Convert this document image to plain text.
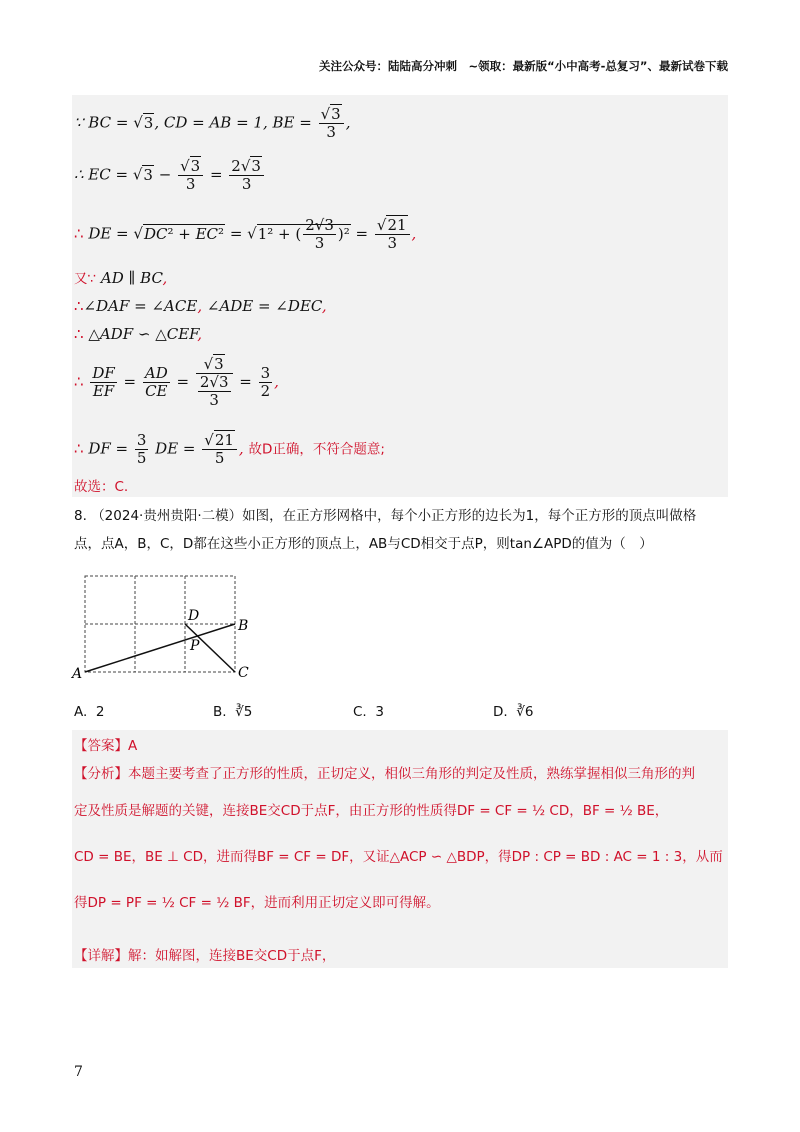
关注公众号：陆陆高分冲刺　~领取：最新版“小中高考-总复习”、最新试卷下载
∵ BC = √3, CD = AB = 1, BE = $\frac{√3}{3}$ ,
∴ EC = $√3 - \frac{√3}{3} = \frac{2√3}{3}$
∴ DE = √DC² + EC² = √1² + ( $\frac{2√3}{3} )^2 = \frac{√21}{3}$ ,
又∵ AD ∥ BC,
∴∠DAF = ∠ACE, ∠ADE = ∠DEC,
∴ △ADF ∽ △CEF,
∴ $\frac{DF}{EF} = \frac{AD}{CE} = \frac{√3}{\frac{2√3}{3}} = \frac{3}{2}$ ,
∴ DF = $\frac{3}{5}$ DE = $\frac{√21}{5}$ , 故D正确，不符合题意;
故选：C.
8. （2024·贵州贵阳·二模）如图，在正方形网格中，每个小正方形的边长为1，每个正方形的顶点叫做格
点，点A，B，C，D都在这些小正方形的顶点上，AB与CD相交于点P，则tan∠APD的值为（　）
A
B
C
D
P
A. 2	B. ∛5	C. 3	D. ∛6
【答案】A
【分析】本题主要考查了正方形的性质，正切定义，相似三角形的判定及性质，熟练掌握相似三角形的判
定及性质是解题的关键，连接BE交CD于点F，由正方形的性质得DF = CF = ½ CD，BF = ½ BE，
CD = BE，BE ⊥ CD，进而得BF = CF = DF，又证△ACP ∽ △BDP，得DP : CP = BD : AC = 1 : 3，从而
得DP = PF = ½ CF = ½ BF，进而利用正切定义即可得解。
【详解】解：如解图，连接BE交CD于点F，
7
